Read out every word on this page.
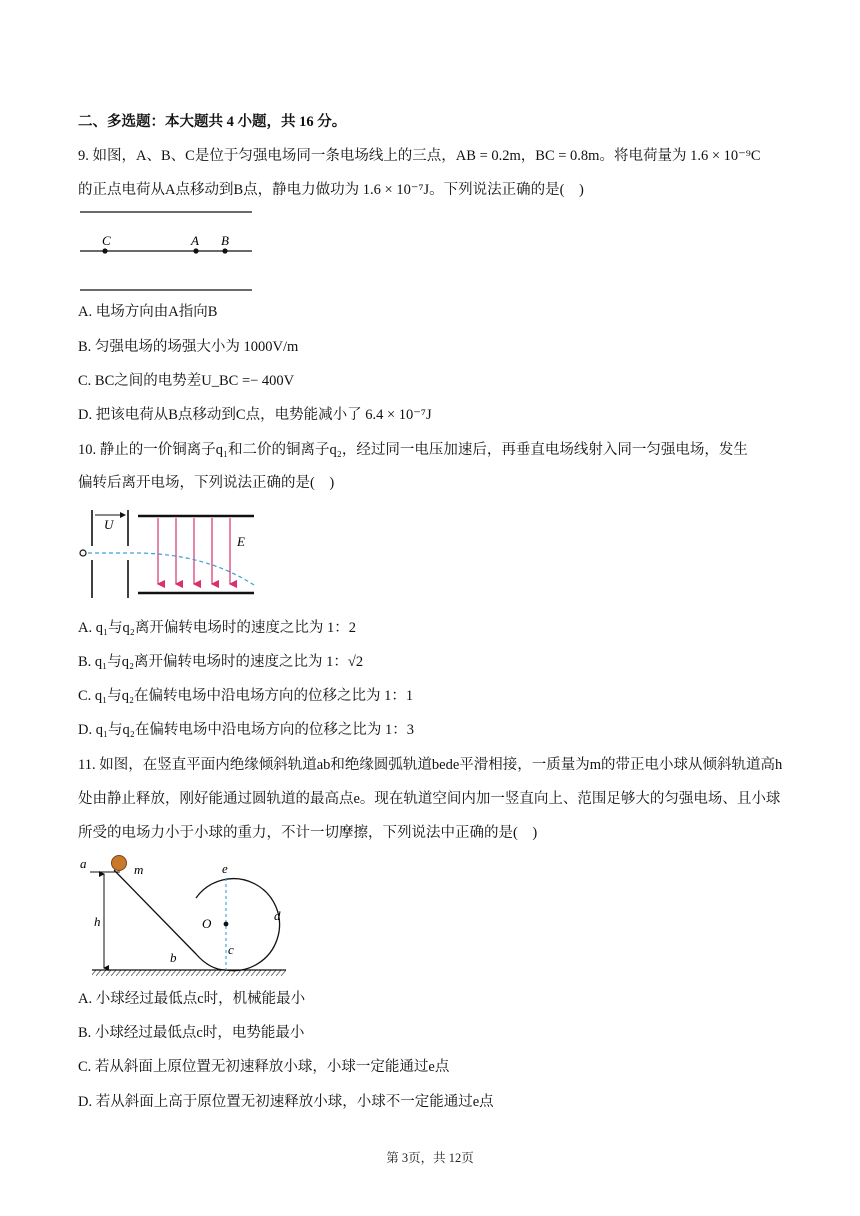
二、多选题：本大题共 4 小题，共 16 分。
9. 如图，A、B、C是位于匀强电场同一条电场线上的三点，AB = 0.2m，BC = 0.8m。将电荷量为 1.6 × 10⁻⁹C
的正点电荷从A点移动到B点，静电力做功为 1.6 × 10⁻⁷J。下列说法正确的是(　)
C	A B
A. 电场方向由A指向B
B. 匀强电场的场强大小为 1000V/m
C. BC之间的电势差U_BC =− 400V
D. 把该电荷从B点移动到C点，电势能减小了 6.4 × 10⁻⁷J
10. 静止的一价铜离子q₁和二价的铜离子q₂，经过同一电压加速后，再垂直电场线射入同一匀强电场，发生
偏转后离开电场，下列说法正确的是(　)
U
E
A. q₁与q₂离开偏转电场时的速度之比为 1：2
B. q₁与q₂离开偏转电场时的速度之比为 1：√2
C. q₁与q₂在偏转电场中沿电场方向的位移之比为 1：1
D. q₁与q₂在偏转电场中沿电场方向的位移之比为 1：3
11. 如图，在竖直平面内绝缘倾斜轨道ab和绝缘圆弧轨道bede平滑相接，一质量为m的带正电小球从倾斜轨道高h处由静止释放，刚好能通过圆轨道的最高点e。现在轨道空间内加一竖直向上、范围足够大的匀强电场、且小球所受的电场力小于小球的重力，不计一切摩擦，下列说法中正确的是(　)
h
a	m
b
O
e
c
d
A. 小球经过最低点c时，机械能最小
B. 小球经过最低点c时，电势能最小
C. 若从斜面上原位置无初速释放小球，小球一定能通过e点
D. 若从斜面上高于原位置无初速释放小球，小球不一定能通过e点
第 3页，共 12页
